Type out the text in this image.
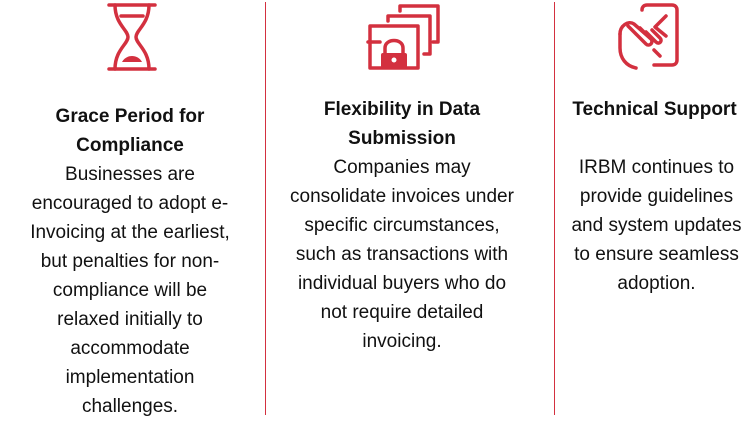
Grace Period for Compliance

Businesses are encouraged to adopt e-Invoicing at the earliest, but penalties for non-compliance will be relaxed initially to accommodate implementation challenges.

Flexibility in Data Submission

Companies may consolidate invoices under specific circumstances, such as transactions with individual buyers who do not require detailed invoicing.

Technical Support

IRBM continues to provide guidelines and system updates to ensure seamless adoption.
